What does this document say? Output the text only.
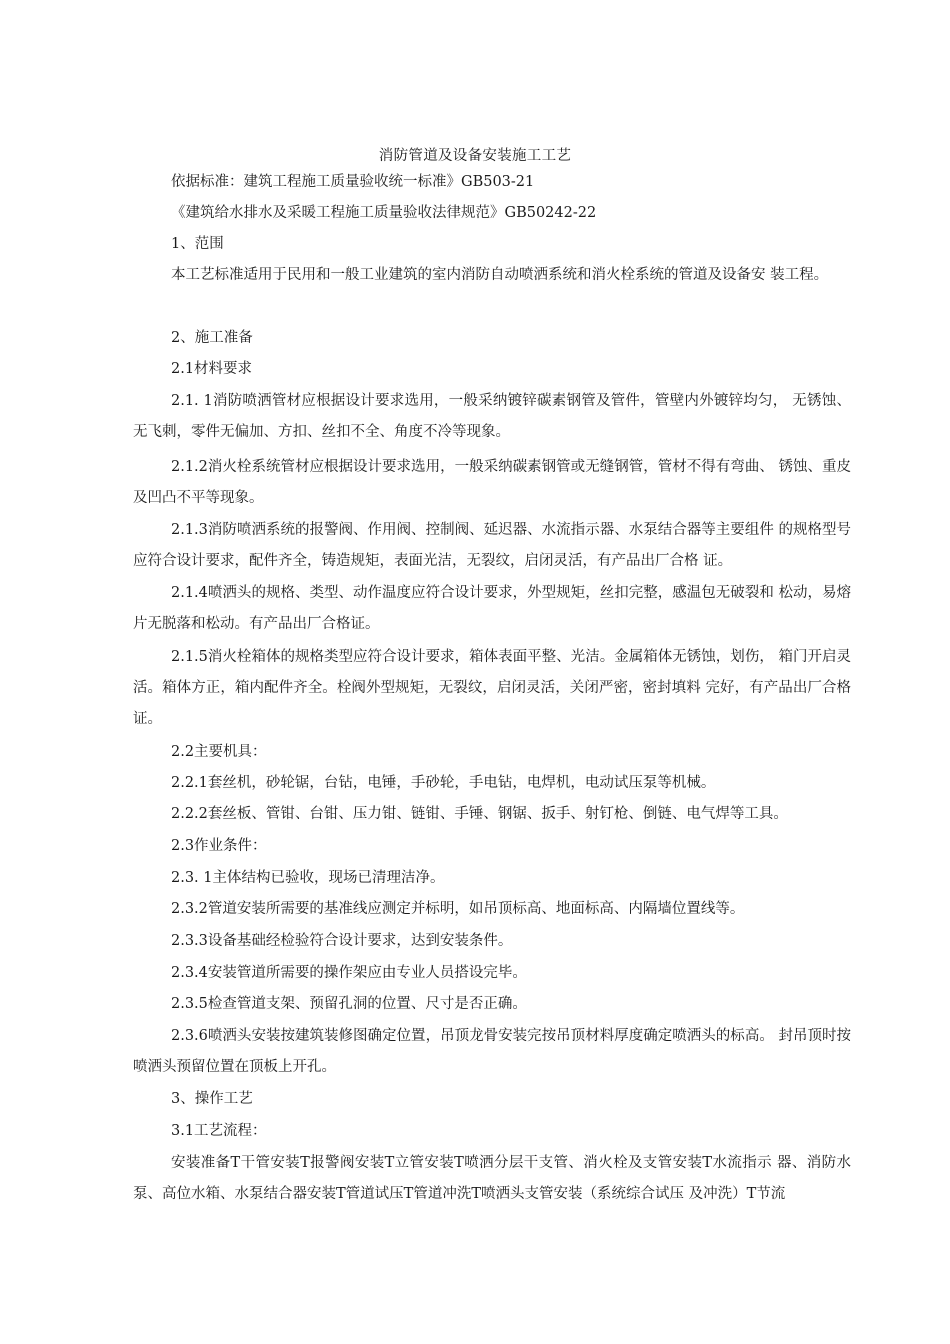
消防管道及设备安装施工工艺
依据标准：建筑工程施工质量验收统一标准》GB503-21
《建筑给水排水及采暖工程施工质量验收法律规范》GB50242-22
1、范围
本工艺标准适用于民用和一般工业建筑的室内消防自动喷洒系统和消火栓系统的管道及设备安 装工程。
2、施工准备
2.1材料要求
2.1. 1消防喷洒管材应根据设计要求选用，一般采纳镀锌碳素钢管及管件，管壁内外镀锌均匀， 无锈蚀、无飞刺，零件无偏加、方扣、丝扣不全、角度不冷等现象。
2.1.2消火栓系统管材应根据设计要求选用，一般采纳碳素钢管或无缝钢管，管材不得有弯曲、 锈蚀、重皮及凹凸不平等现象。
2.1.3消防喷洒系统的报警阀、作用阀、控制阀、延迟器、水流指示器、水泵结合器等主要组件 的规格型号应符合设计要求，配件齐全，铸造规矩，表面光洁，无裂纹，启闭灵活，有产品出厂合格 证。
2.1.4喷洒头的规格、类型、动作温度应符合设计要求，外型规矩，丝扣完整，感温包无破裂和 松动，易熔片无脱落和松动。有产品出厂合格证。
2.1.5消火栓箱体的规格类型应符合设计要求，箱体表面平整、光洁。金属箱体无锈蚀，划伤， 箱门开启灵活。箱体方正，箱内配件齐全。栓阀外型规矩，无裂纹，启闭灵活，关闭严密，密封填料 完好，有产品出厂合格证。
2.2主要机具：
2.2.1套丝机，砂轮锯，台钻，电锤，手砂轮，手电钻，电焊机，电动试压泵等机械。
2.2.2套丝板、管钳、台钳、压力钳、链钳、手锤、钢锯、扳手、射钉枪、倒链、电气焊等工具。
2.3作业条件：
2.3. 1主体结构已验收，现场已清理洁净。
2.3.2管道安装所需要的基准线应测定并标明，如吊顶标高、地面标高、内隔墙位置线等。
2.3.3设备基础经检验符合设计要求，达到安装条件。
2.3.4安装管道所需要的操作架应由专业人员搭设完毕。
2.3.5检查管道支架、预留孔洞的位置、尺寸是否正确。
2.3.6喷洒头安装按建筑装修图确定位置，吊顶龙骨安装完按吊顶材料厚度确定喷洒头的标高。 封吊顶时按喷洒头预留位置在顶板上开孔。
3、操作工艺
3.1工艺流程：
安装准备T干管安装T报警阀安装T立管安装T喷洒分层干支管、消火栓及支管安装T水流指示 器、消防水泵、高位水箱、水泵结合器安装T管道试压T管道冲洗T喷洒头支管安装（系统综合试压 及冲洗）T节流
